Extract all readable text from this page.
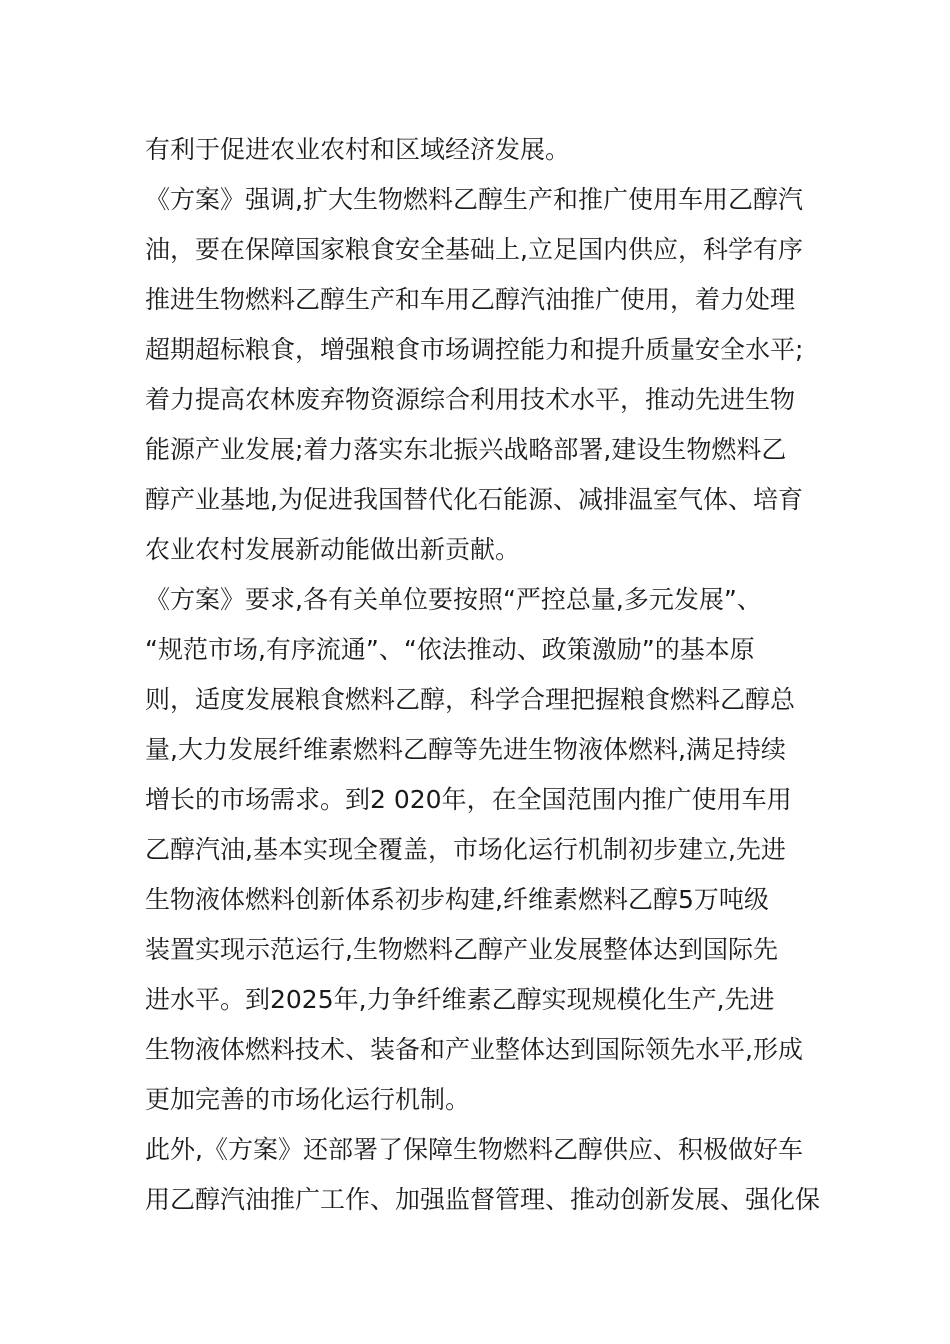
有利于促进农业农村和区域经济发展。
《方案》强调,扩大生物燃料乙醇生产和推广使用车用乙醇汽
油，要在保障国家粮食安全基础上,立足国内供应，科学有序
推进生物燃料乙醇生产和车用乙醇汽油推广使用，着力处理
超期超标粮食，增强粮食市场调控能力和提升质量安全水平;
着力提高农林废弃物资源综合利用技术水平，推动先进生物
能源产业发展;着力落实东北振兴战略部署,建设生物燃料乙
醇产业基地,为促进我国替代化石能源、减排温室气体、培育
农业农村发展新动能做出新贡献。
《方案》要求,各有关单位要按照“严控总量,多元发展”、
“规范市场,有序流通”、“依法推动、政策激励”的基本原
则，适度发展粮食燃料乙醇，科学合理把握粮食燃料乙醇总
量,大力发展纤维素燃料乙醇等先进生物液体燃料,满足持续
增长的市场需求。到2 020年，在全国范围内推广使用车用
乙醇汽油,基本实现全覆盖，市场化运行机制初步建立,先进
生物液体燃料创新体系初步构建,纤维素燃料乙醇5万吨级
装置实现示范运行,生物燃料乙醇产业发展整体达到国际先
进水平。到2025年,力争纤维素乙醇实现规模化生产,先进
生物液体燃料技术、装备和产业整体达到国际领先水平,形成
更加完善的市场化运行机制。
此外,《方案》还部署了保障生物燃料乙醇供应、积极做好车
用乙醇汽油推广工作、加强监督管理、推动创新发展、强化保
